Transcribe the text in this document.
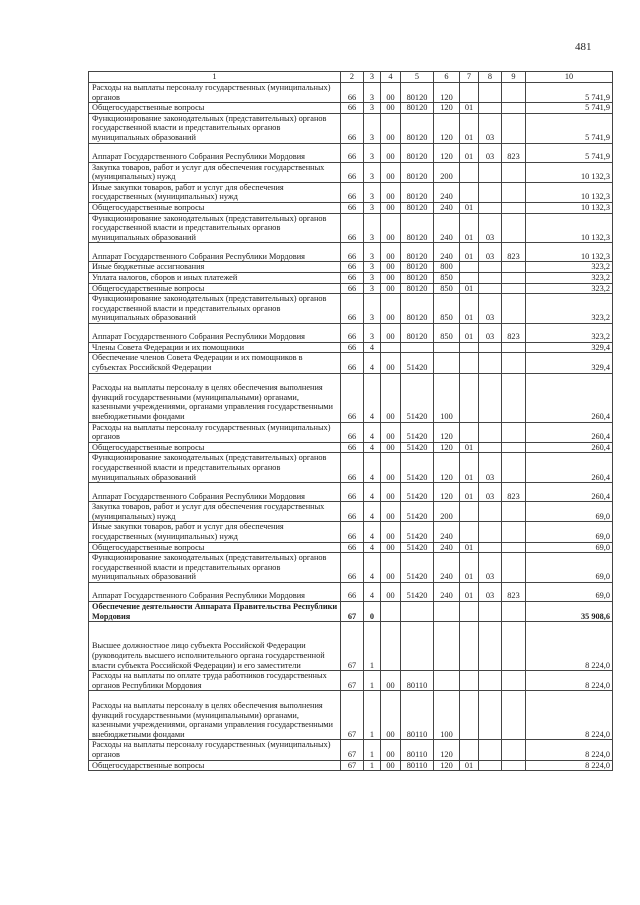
481
1	2	3	4	5	6	7	8	9	10
Расходы на выплаты персоналу государственных (муниципальных) органов	66	3	00	80120	120				5 741,9
Общегосударственные вопросы	66	3	00	80120	120	01			5 741,9
Функционирование законодательных (представительных) органов государственной власти и представительных органов муниципальных образований	66	3	00	80120	120	01	03		5 741,9
Аппарат Государственного Собрания Республики Мордовия	66	3	00	80120	120	01	03	823	5 741,9
Закупка товаров, работ и услуг для обеспечения государственных (муниципальных) нужд	66	3	00	80120	200				10 132,3
Иные закупки товаров, работ и услуг для обеспечения государственных (муниципальных) нужд	66	3	00	80120	240				10 132,3
Общегосударственные вопросы	66	3	00	80120	240	01			10 132,3
Функционирование законодательных (представительных) органов государственной власти и представительных органов муниципальных образований	66	3	00	80120	240	01	03		10 132,3
Аппарат Государственного Собрания Республики Мордовия	66	3	00	80120	240	01	03	823	10 132,3
Иные бюджетные ассигнования	66	3	00	80120	800				323,2
Уплата налогов, сборов и иных платежей	66	3	00	80120	850				323,2
Общегосударственные вопросы	66	3	00	80120	850	01			323,2
Функционирование законодательных (представительных) органов государственной власти и представительных органов муниципальных образований	66	3	00	80120	850	01	03		323,2
Аппарат Государственного Собрания Республики Мордовия	66	3	00	80120	850	01	03	823	323,2
Члены Совета Федерации и их помощники	66	4							329,4
Обеспечение членов Совета Федерации и их помощников в субъектах Российской Федерации	66	4	00	51420					329,4
Расходы на выплаты персоналу в целях обеспечения выполнения функций государственными (муниципальными) органами, казенными учреждениями, органами управления государственными внебюджетными фондами	66	4	00	51420	100				260,4
Расходы на выплаты персоналу государственных (муниципальных) органов	66	4	00	51420	120				260,4
Общегосударственные вопросы	66	4	00	51420	120	01			260,4
Функционирование законодательных (представительных) органов государственной власти и представительных органов муниципальных образований	66	4	00	51420	120	01	03		260,4
Аппарат Государственного Собрания Республики Мордовия	66	4	00	51420	120	01	03	823	260,4
Закупка товаров, работ и услуг для обеспечения государственных (муниципальных) нужд	66	4	00	51420	200				69,0
Иные закупки товаров, работ и услуг для обеспечения государственных (муниципальных) нужд	66	4	00	51420	240				69,0
Общегосударственные вопросы	66	4	00	51420	240	01			69,0
Функционирование законодательных (представительных) органов государственной власти и представительных органов муниципальных образований	66	4	00	51420	240	01	03		69,0
Аппарат Государственного Собрания Республики Мордовия	66	4	00	51420	240	01	03	823	69,0
Обеспечение деятельности Аппарата Правительства Республики Мордовия	67	0							35 908,6
Высшее должностное лицо субъекта Российской Федерации (руководитель высшего исполнительного органа государственной власти субъекта Российской Федерации) и его заместители	67	1							8 224,0
Расходы на выплаты по оплате труда работников государственных органов Республики Мордовия	67	1	00	80110					8 224,0
Расходы на выплаты персоналу в целях обеспечения выполнения функций государственными (муниципальными) органами, казенными учреждениями, органами управления государственными внебюджетными фондами	67	1	00	80110	100				8 224,0
Расходы на выплаты персоналу государственных (муниципальных) органов	67	1	00	80110	120				8 224,0
Общегосударственные вопросы	67	1	00	80110	120	01			8 224,0
